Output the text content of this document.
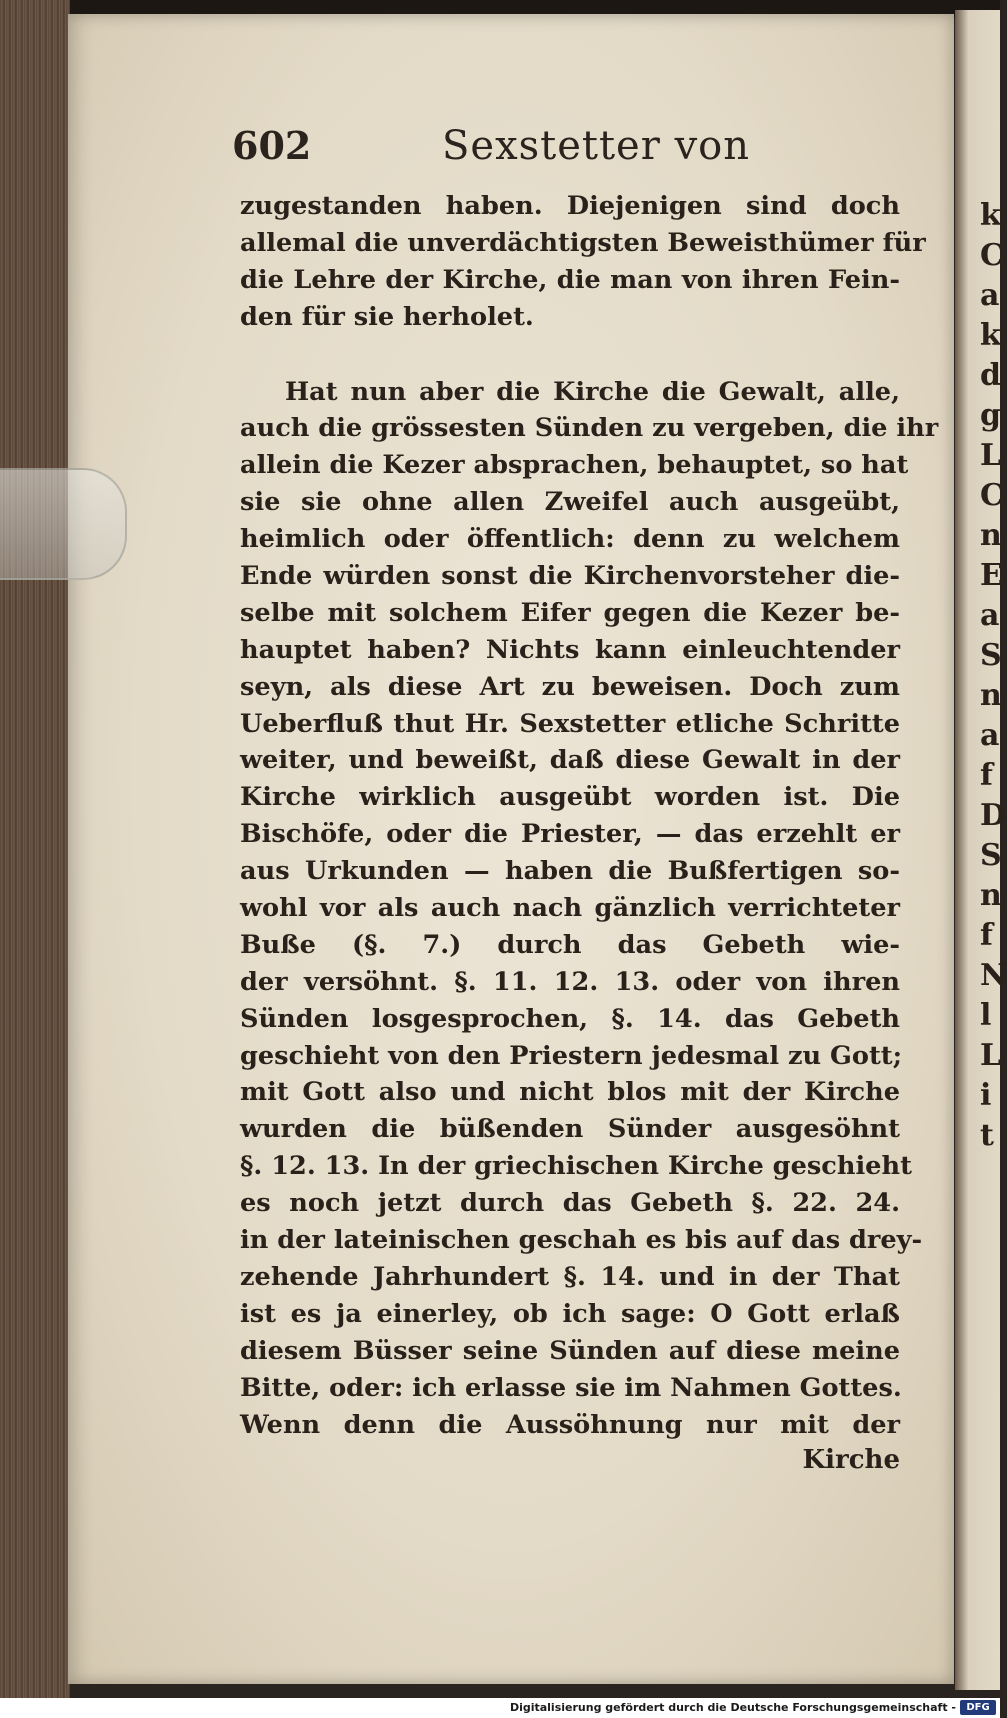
k
C
a
k
d
g
L
C
n
E
a
S
n
a
f
D
S
n
f
N
l
L
i
t
602	Sexstetter von
zugestanden haben. Diejenigen sind doch
allemal die unverdächtigsten Beweisthümer für
die Lehre der Kirche, die man von ihren Fein-
den für sie herholet.
Hat nun aber die Kirche die Gewalt, alle,
auch die grössesten Sünden zu vergeben, die ihr
allein die Kezer absprachen, behauptet, so hat
sie sie ohne allen Zweifel auch ausgeübt,
heimlich oder öffentlich: denn zu welchem
Ende würden sonst die Kirchenvorsteher die-
selbe mit solchem Eifer gegen die Kezer be-
hauptet haben? Nichts kann einleuchtender
seyn, als diese Art zu beweisen. Doch zum
Ueberfluß thut Hr. Sexstetter etliche Schritte
weiter, und beweißt, daß diese Gewalt in der
Kirche wirklich ausgeübt worden ist. Die
Bischöfe, oder die Priester, — das erzehlt er
aus Urkunden — haben die Bußfertigen so-
wohl vor als auch nach gänzlich verrichteter
Buße (§. 7.) durch das Gebeth wie-
der versöhnt. §. 11. 12. 13. oder von ihren
Sünden losgesprochen, §. 14. das Gebeth
geschieht von den Priestern jedesmal zu Gott;
mit Gott also und nicht blos mit der Kirche
wurden die büßenden Sünder ausgesöhnt
§. 12. 13. In der griechischen Kirche geschieht
es noch jetzt durch das Gebeth §. 22. 24.
in der lateinischen geschah es bis auf das drey-
zehende Jahrhundert §. 14. und in der That
ist es ja einerley, ob ich sage: O Gott erlaß
diesem Büsser seine Sünden auf diese meine
Bitte, oder: ich erlasse sie im Nahmen Gottes.
Wenn denn die Aussöhnung nur mit der
Kirche
Digitalisierung gefördert durch die Deutsche Forschungsgemeinschaft -	DFG
